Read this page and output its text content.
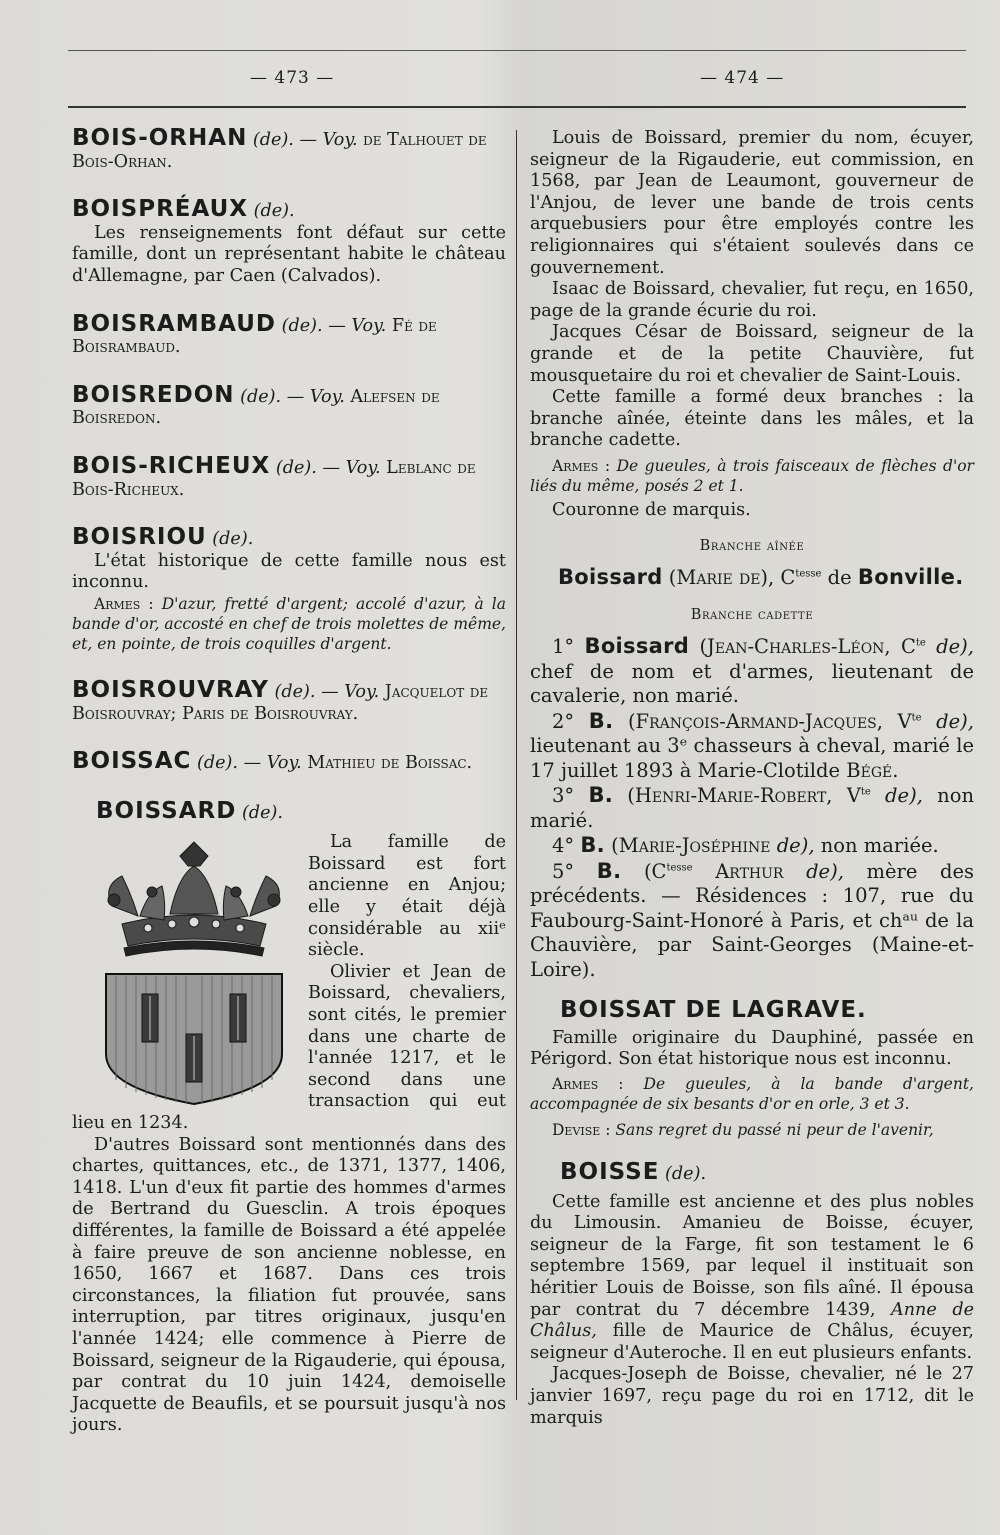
— 473 —	— 474 —
BOIS-ORHAN (de). — Voy. de Talhouet de Bois-Orhan.
BOISPRÉAUX (de).

Les renseignements font défaut sur cette famille, dont un représentant habite le château d'Allemagne, par Caen (Calvados).

BOISRAMBAUD (de). — Voy. Fé de Boisrambaud.
BOISREDON (de). — Voy. Alefsen de Boisredon.
BOIS-RICHEUX (de). — Voy. Leblanc de Bois-Richeux.
BOISRIOU (de).

L'état historique de cette famille nous est inconnu.

Armes : D'azur, fretté d'argent; accolé d'azur, à la bande d'or, accosté en chef de trois molettes de même, et, en pointe, de trois coquilles d'argent.

BOISROUVRAY (de). — Voy. Jacquelot de Boisrouvray; Paris de Boisrouvray.
BOISSAC (de). — Voy. Mathieu de Boissac.
BOISSARD (de).

La famille de Boissard est fort ancienne en Anjou; elle y était déjà considérable au xiiᵉ siècle.

Olivier et Jean de Boissard, chevaliers, sont cités, le premier dans une charte de l'année 1217, et le second dans une transaction qui eut lieu en 1234.

D'autres Boissard sont mentionnés dans des chartes, quittances, etc., de 1371, 1377, 1406, 1418. L'un d'eux fit partie des hommes d'armes de Bertrand du Guesclin. A trois époques différentes, la famille de Boissard a été appelée à faire preuve de son ancienne noblesse, en 1650, 1667 et 1687. Dans ces trois circonstances, la filiation fut prouvée, sans interruption, par titres originaux, jusqu'en l'année 1424; elle commence à Pierre de Boissard, seigneur de la Rigauderie, qui épousa, par contrat du 10 juin 1424, demoiselle Jacquette de Beaufils, et se poursuit jusqu'à nos jours.

Louis de Boissard, premier du nom, écuyer, seigneur de la Rigauderie, eut commission, en 1568, par Jean de Leaumont, gouverneur de l'Anjou, de lever une bande de trois cents arquebusiers pour être employés contre les religionnaires qui s'étaient soulevés dans ce gouvernement.

Isaac de Boissard, chevalier, fut reçu, en 1650, page de la grande écurie du roi.

Jacques César de Boissard, seigneur de la grande et de la petite Chauvière, fut mousquetaire du roi et chevalier de Saint-Louis.

Cette famille a formé deux branches : la branche aînée, éteinte dans les mâles, et la branche cadette.

Armes : De gueules, à trois faisceaux de flèches d'or liés du même, posés 2 et 1.

Couronne de marquis.

Branche aînée

Boissard (Marie de), $C^{tesse}$ de Bonville.

Branche cadette

1° Boissard (Jean-Charles-Léon, $C^{te}$ de), chef de nom et d'armes, lieutenant de cavalerie, non marié.

2° B. (François-Armand-Jacques, $V^{te}$ de), lieutenant au 3ᵉ chasseurs à cheval, marié le 17 juillet 1893 à Marie-Clotilde Bégé.

3° B. (Henri-Marie-Robert, $V^{te}$ de), non marié.

4° B. (Marie-Joséphine de), non mariée.

5° B. ($C^{tesse}$ Arthur de), mère des précédents. — Résidences : 107, rue du Faubourg-Saint-Honoré à Paris, et chᵃᵘ de la Chauvière, par Saint-Georges (Maine-et-Loire).

BOISSAT DE LAGRAVE.

Famille originaire du Dauphiné, passée en Périgord. Son état historique nous est inconnu.

Armes : De gueules, à la bande d'argent, accompagnée de six besants d'or en orle, 3 et 3.

Devise : Sans regret du passé ni peur de l'avenir,

BOISSE (de).

Cette famille est ancienne et des plus nobles du Limousin. Amanieu de Boisse, écuyer, seigneur de la Farge, fit son testament le 6 septembre 1569, par lequel il instituait son héritier Louis de Boisse, son fils aîné. Il épousa par contrat du 7 décembre 1439, Anne de Châlus, fille de Maurice de Châlus, écuyer, seigneur d'Auteroche. Il en eut plusieurs enfants.

Jacques-Joseph de Boisse, chevalier, né le 27 janvier 1697, reçu page du roi en 1712, dit le marquis
